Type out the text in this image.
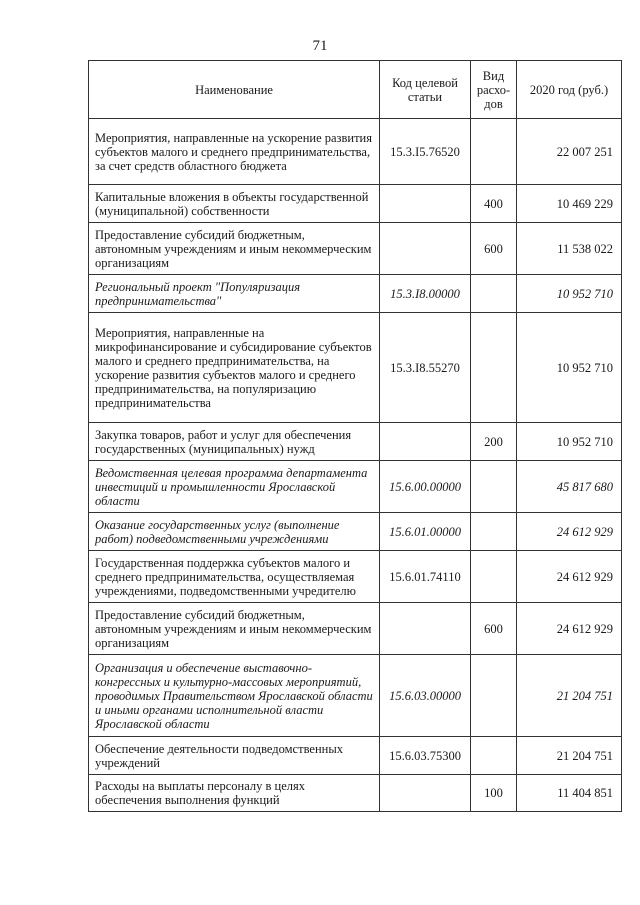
71
Наименование	Код целевой статьи	Вид расхо-дов	2020 год (руб.)
Мероприятия, направленные на ускорение развития субъектов малого и среднего предпринимательства, за счет средств областного бюджета	15.3.I5.76520		22 007 251
Капитальные вложения в объекты государственной (муниципальной) собственности		400	10 469 229
Предоставление субсидий бюджетным, автономным учреждениям и иным некоммерческим организациям		600	11 538 022
Региональный проект "Популяризация предпринимательства"	15.3.I8.00000		10 952 710
Мероприятия, направленные на микрофинансирование и субсидирование субъектов малого и среднего предпринимательства, на ускорение развития субъектов малого и среднего предпринимательства, на популяризацию предпринимательства	15.3.I8.55270		10 952 710
Закупка товаров, работ и услуг для обеспечения государственных (муниципальных) нужд		200	10 952 710
Ведомственная целевая программа департамента инвестиций и промышленности Ярославской области	15.6.00.00000		45 817 680
Оказание государственных услуг (выполнение работ) подведомственными учреждениями	15.6.01.00000		24 612 929
Государственная поддержка субъектов малого и среднего предпринимательства, осуществляемая учреждениями, подведомственными учредителю	15.6.01.74110		24 612 929
Предоставление субсидий бюджетным, автономным учреждениям и иным некоммерческим организациям		600	24 612 929
Организация и обеспечение выставочно-конгрессных и культурно-массовых мероприятий, проводимых Правительством Ярославской области и иными органами исполнительной власти Ярославской области	15.6.03.00000		21 204 751
Обеспечение деятельности подведомственных учреждений	15.6.03.75300		21 204 751
Расходы на выплаты персоналу в целях обеспечения выполнения функций		100	11 404 851
